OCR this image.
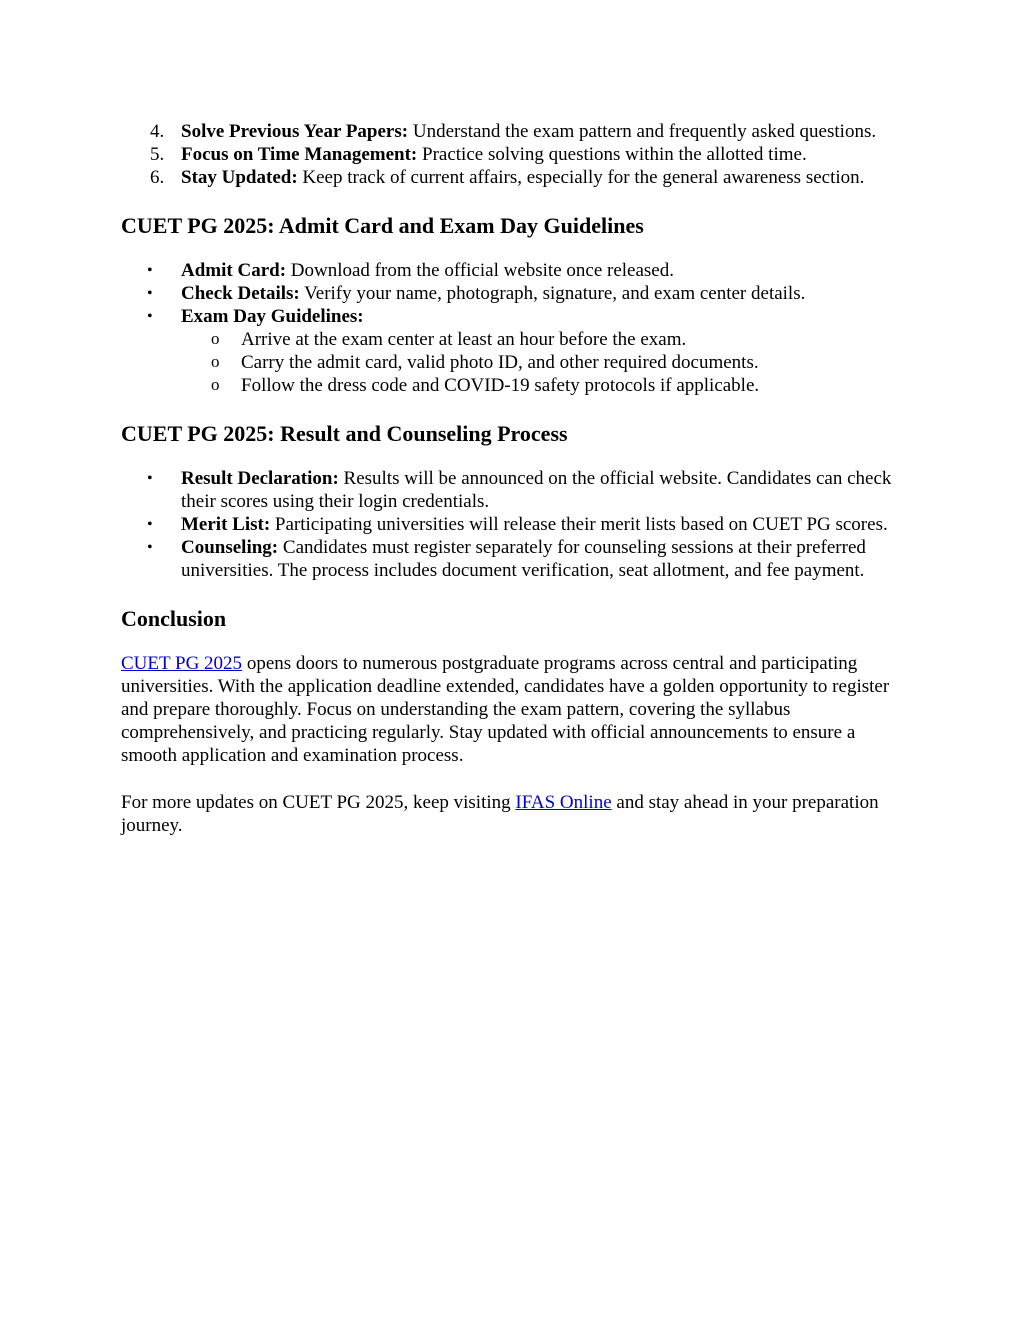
4. Solve Previous Year Papers: Understand the exam pattern and frequently asked questions.
5. Focus on Time Management: Practice solving questions within the allotted time.
6. Stay Updated: Keep track of current affairs, especially for the general awareness section.
CUET PG 2025: Admit Card and Exam Day Guidelines
• Admit Card: Download from the official website once released.
• Check Details: Verify your name, photograph, signature, and exam center details.
• Exam Day Guidelines:
o Arrive at the exam center at least an hour before the exam.
o Carry the admit card, valid photo ID, and other required documents.
o Follow the dress code and COVID-19 safety protocols if applicable.
CUET PG 2025: Result and Counseling Process
• Result Declaration: Results will be announced on the official website. Candidates can check their scores using their login credentials.
• Merit List: Participating universities will release their merit lists based on CUET PG scores.
• Counseling: Candidates must register separately for counseling sessions at their preferred universities. The process includes document verification, seat allotment, and fee payment.
Conclusion

CUET PG 2025 opens doors to numerous postgraduate programs across central and participating universities. With the application deadline extended, candidates have a golden opportunity to register and prepare thoroughly. Focus on understanding the exam pattern, covering the syllabus comprehensively, and practicing regularly. Stay updated with official announcements to ensure a smooth application and examination process.

For more updates on CUET PG 2025, keep visiting IFAS Online and stay ahead in your preparation journey.
